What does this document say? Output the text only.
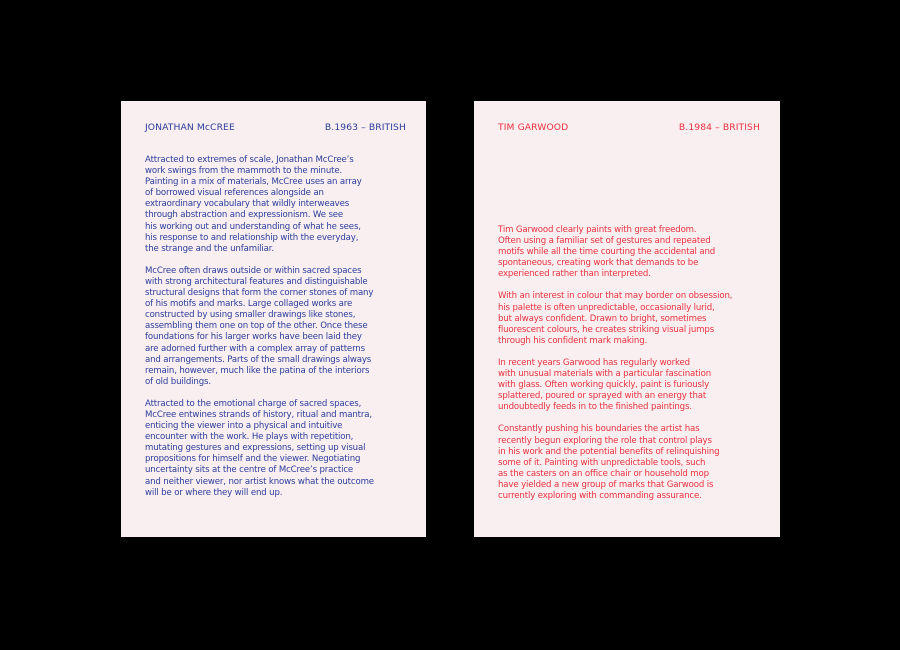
JONATHAN McCREE	B.1963 – BRITISH

Attracted to extremes of scale, Jonathan McCree’s
work swings from the mammoth to the minute.
Painting in a mix of materials, McCree uses an array
of borrowed visual references alongside an
extraordinary vocabulary that wildly interweaves
through abstraction and expressionism. We see
his working out and understanding of what he sees,
his response to and relationship with the everyday,
the strange and the unfamiliar.

McCree often draws outside or within sacred spaces
with strong architectural features and distinguishable
structural designs that form the corner stones of many
of his motifs and marks. Large collaged works are
constructed by using smaller drawings like stones,
assembling them one on top of the other. Once these
foundations for his larger works have been laid they
are adorned further with a complex array of patterns
and arrangements. Parts of the small drawings always
remain, however, much like the patina of the interiors
of old buildings.

Attracted to the emotional charge of sacred spaces,
McCree entwines strands of history, ritual and mantra,
enticing the viewer into a physical and intuitive
encounter with the work. He plays with repetition,
mutating gestures and expressions, setting up visual
propositions for himself and the viewer. Negotiating
uncertainty sits at the centre of McCree’s practice
and neither viewer, nor artist knows what the outcome
will be or where they will end up.

TIM GARWOOD	B.1984 – BRITISH

Tim Garwood clearly paints with great freedom.
Often using a familiar set of gestures and repeated
motifs while all the time courting the accidental and
spontaneous, creating work that demands to be
experienced rather than interpreted.

With an interest in colour that may border on obsession,
his palette is often unpredictable, occasionally lurid,
but always confident. Drawn to bright, sometimes
fluorescent colours, he creates striking visual jumps
through his confident mark making.

In recent years Garwood has regularly worked
with unusual materials with a particular fascination
with glass. Often working quickly, paint is furiously
splattered, poured or sprayed with an energy that
undoubtedly feeds in to the finished paintings.

Constantly pushing his boundaries the artist has
recently begun exploring the role that control plays
in his work and the potential benefits of relinquishing
some of it. Painting with unpredictable tools, such
as the casters on an office chair or household mop
have yielded a new group of marks that Garwood is
currently exploring with commanding assurance.
